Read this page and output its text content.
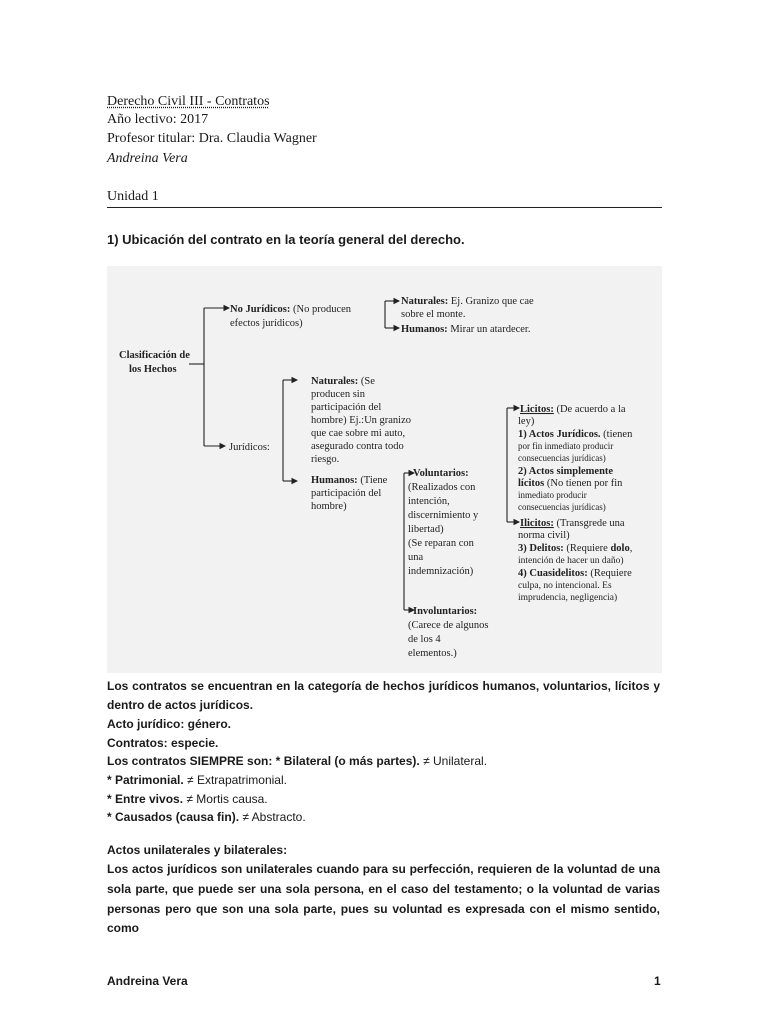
Derecho Civil III - Contratos
Año lectivo: 2017
Profesor titular: Dra. Claudia Wagner
Andreina Vera
Unidad 1
1) Ubicación del contrato en la teoría general del derecho.
Clasificación de los Hechos
No Jurídicos: (No producen efectos jurídicos)
Naturales: Ej. Granizo que cae sobre el monte.
Humanos: Mirar un atardecer.
Jurídicos:
Naturales: (Se producen sin participación del hombre) Ej.:Un granizo que cae sobre mi auto, asegurado contra todo riesgo.
Humanos: (Tiene participación del hombre)
Voluntarios: (Realizados con intención, discernimiento y libertad) (Se reparan con una indemnización)
Involuntarios: (Carece de algunos de los 4 elementos.)
Licitos: (De acuerdo a la ley)
1) Actos Jurídicos. (tienen por fin inmediato producir consecuencias jurídicas)
2) Actos simplemente lícitos (No tienen por fin inmediato producir consecuencias jurídicas)
Ilicitos: (Transgrede una norma civil)
3) Delitos: (Requiere dolo, intención de hacer un daño)
4) Cuasidelitos: (Requiere culpa, no intencional. Es imprudencia, negligencia)
Los contratos se encuentran en la categoría de hechos jurídicos humanos, voluntarios, lícitos y
dentro de actos jurídicos.
Acto jurídico: género.
Contratos: especie.
Los contratos SIEMPRE son: * Bilateral (o más partes). ≠ Unilateral.
* Patrimonial. ≠ Extrapatrimonial.
* Entre vivos. ≠ Mortis causa.
* Causados (causa fin). ≠ Abstracto.
Actos unilaterales y bilaterales:
Los actos jurídicos son unilaterales cuando para su perfección, requieren de la voluntad de una
sola parte, que puede ser una sola persona, en el caso del testamento; o la voluntad de varias
personas pero que son una sola parte, pues su voluntad es expresada con el mismo sentido, como
Andreina Vera	1
